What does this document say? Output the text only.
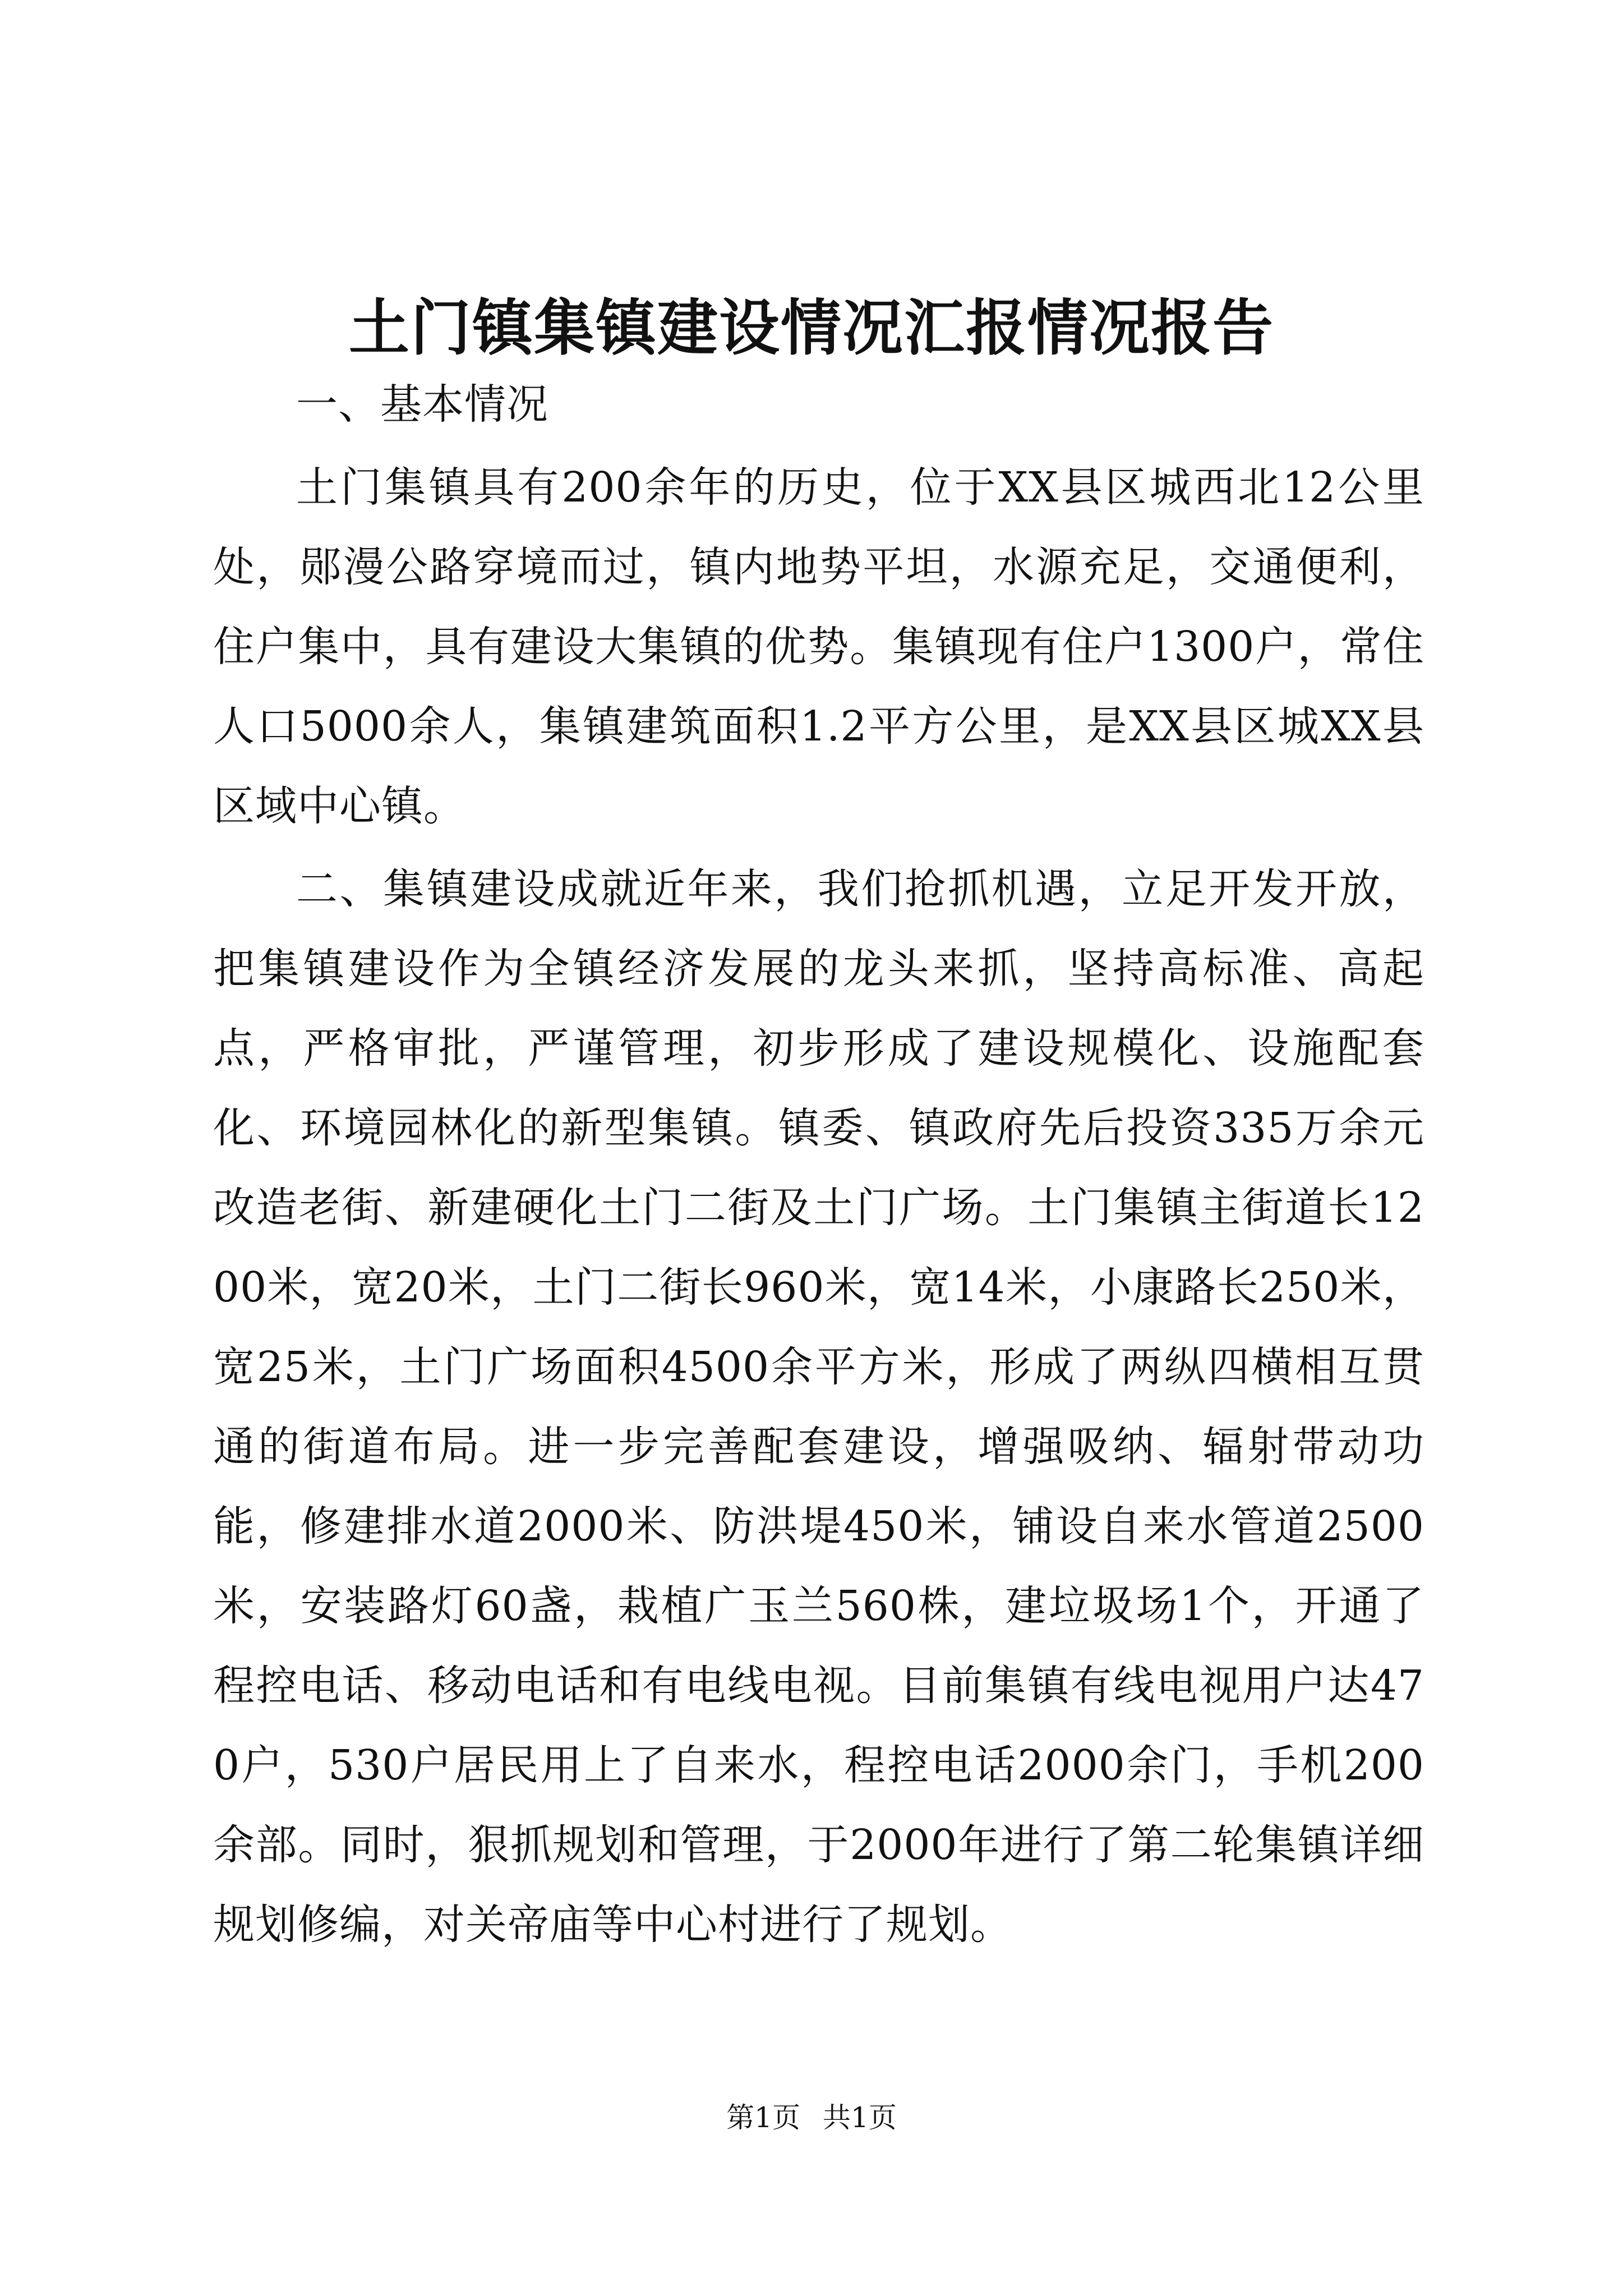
土门镇集镇建设情况汇报情况报告

一、基本情况

土门集镇具有200余年的历史，位于XX县区城西北12公里处，郧漫公路穿境而过，镇内地势平坦，水源充足，交通便利，住户集中，具有建设大集镇的优势。集镇现有住户1300户，常住人口5000余人，集镇建筑面积1.2平方公里，是XX县区城XX县区域中心镇。

二、集镇建设成就近年来，我们抢抓机遇，立足开发开放，把集镇建设作为全镇经济发展的龙头来抓，坚持高标准、高起点，严格审批，严谨管理，初步形成了建设规模化、设施配套化、环境园林化的新型集镇。镇委、镇政府先后投资335万余元改造老街、新建硬化土门二街及土门广场。土门集镇主街道长1200米，宽20米，土门二街长960米，宽14米，小康路长250米，宽25米，土门广场面积4500余平方米，形成了两纵四横相互贯通的街道布局。进一步完善配套建设，增强吸纳、辐射带动功能，修建排水道2000米、防洪堤450米，铺设自来水管道2500米，安装路灯60盏，栽植广玉兰560株，建垃圾场1个，开通了程控电话、移动电话和有电线电视。目前集镇有线电视用户达470户，530户居民用上了自来水，程控电话2000余门，手机200余部。同时，狠抓规划和管理，于2000年进行了第二轮集镇详细规划修编，对关帝庙等中心村进行了规划。

第1页 共1页
